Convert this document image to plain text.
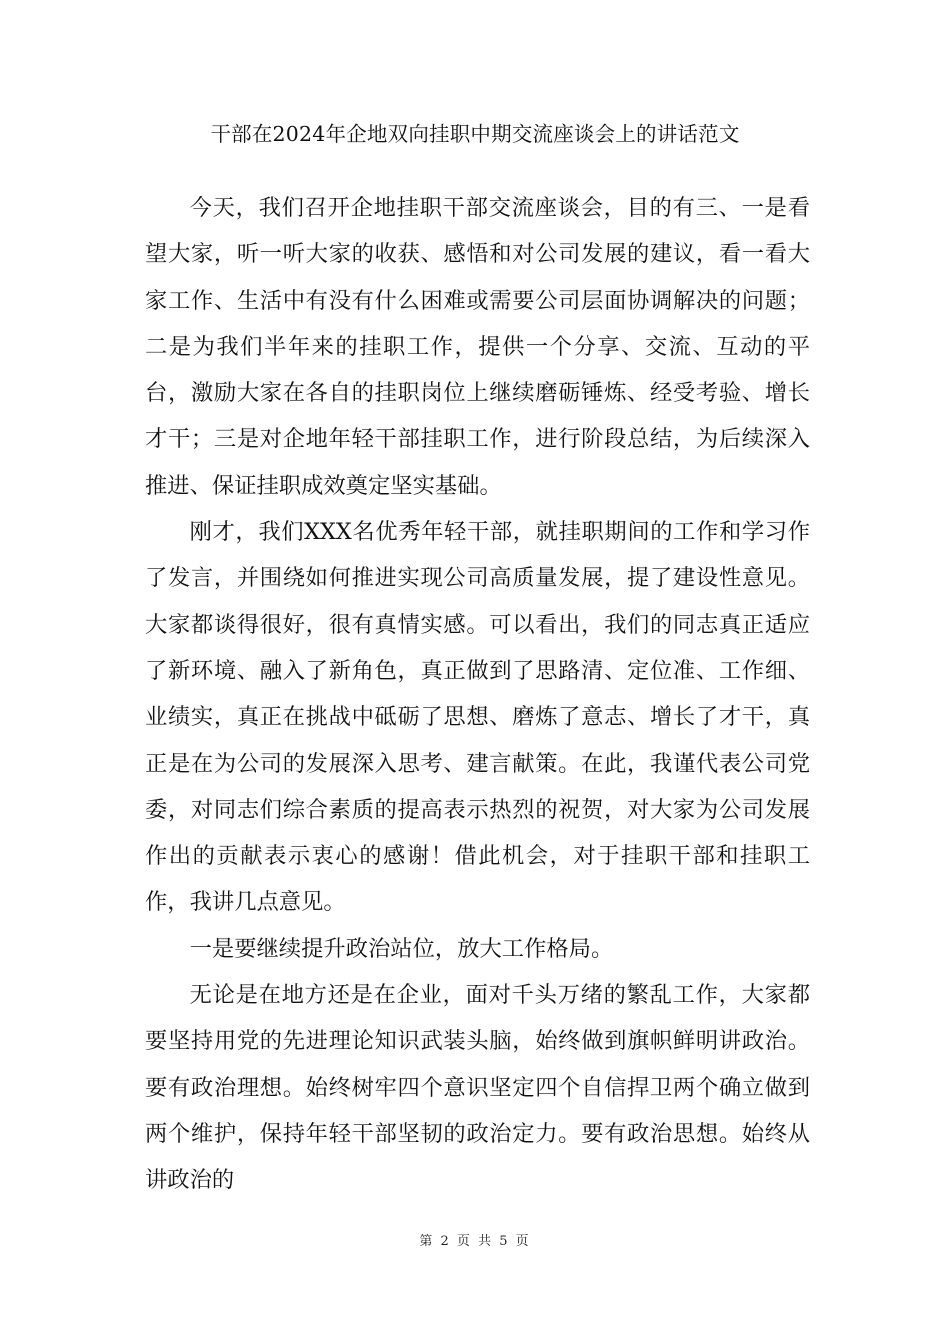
干部在2024年企地双向挂职中期交流座谈会上的讲话范文

今天，我们召开企地挂职干部交流座谈会，目的有三、一是看望大家，听一听大家的收获、感悟和对公司发展的建议，看一看大家工作、生活中有没有什么困难或需要公司层面协调解决的问题；二是为我们半年来的挂职工作，提供一个分享、交流、互动的平台，激励大家在各自的挂职岗位上继续磨砺锤炼、经受考验、增长才干；三是对企地年轻干部挂职工作，进行阶段总结，为后续深入推进、保证挂职成效奠定坚实基础。

刚才，我们XXX名优秀年轻干部，就挂职期间的工作和学习作了发言，并围绕如何推进实现公司高质量发展，提了建设性意见。大家都谈得很好，很有真情实感。可以看出，我们的同志真正适应了新环境、融入了新角色，真正做到了思路清、定位准、工作细、业绩实，真正在挑战中砥砺了思想、磨炼了意志、增长了才干，真正是在为公司的发展深入思考、建言献策。在此，我谨代表公司党委，对同志们综合素质的提高表示热烈的祝贺，对大家为公司发展作出的贡献表示衷心的感谢！借此机会，对于挂职干部和挂职工作，我讲几点意见。

一是要继续提升政治站位，放大工作格局。

无论是在地方还是在企业，面对千头万绪的繁乱工作，大家都要坚持用党的先进理论知识武装头脑，始终做到旗帜鲜明讲政治。要有政治理想。始终树牢四个意识坚定四个自信捍卫两个确立做到两个维护，保持年轻干部坚韧的政治定力。要有政治思想。始终从讲政治的

第 2 页 共 5 页
